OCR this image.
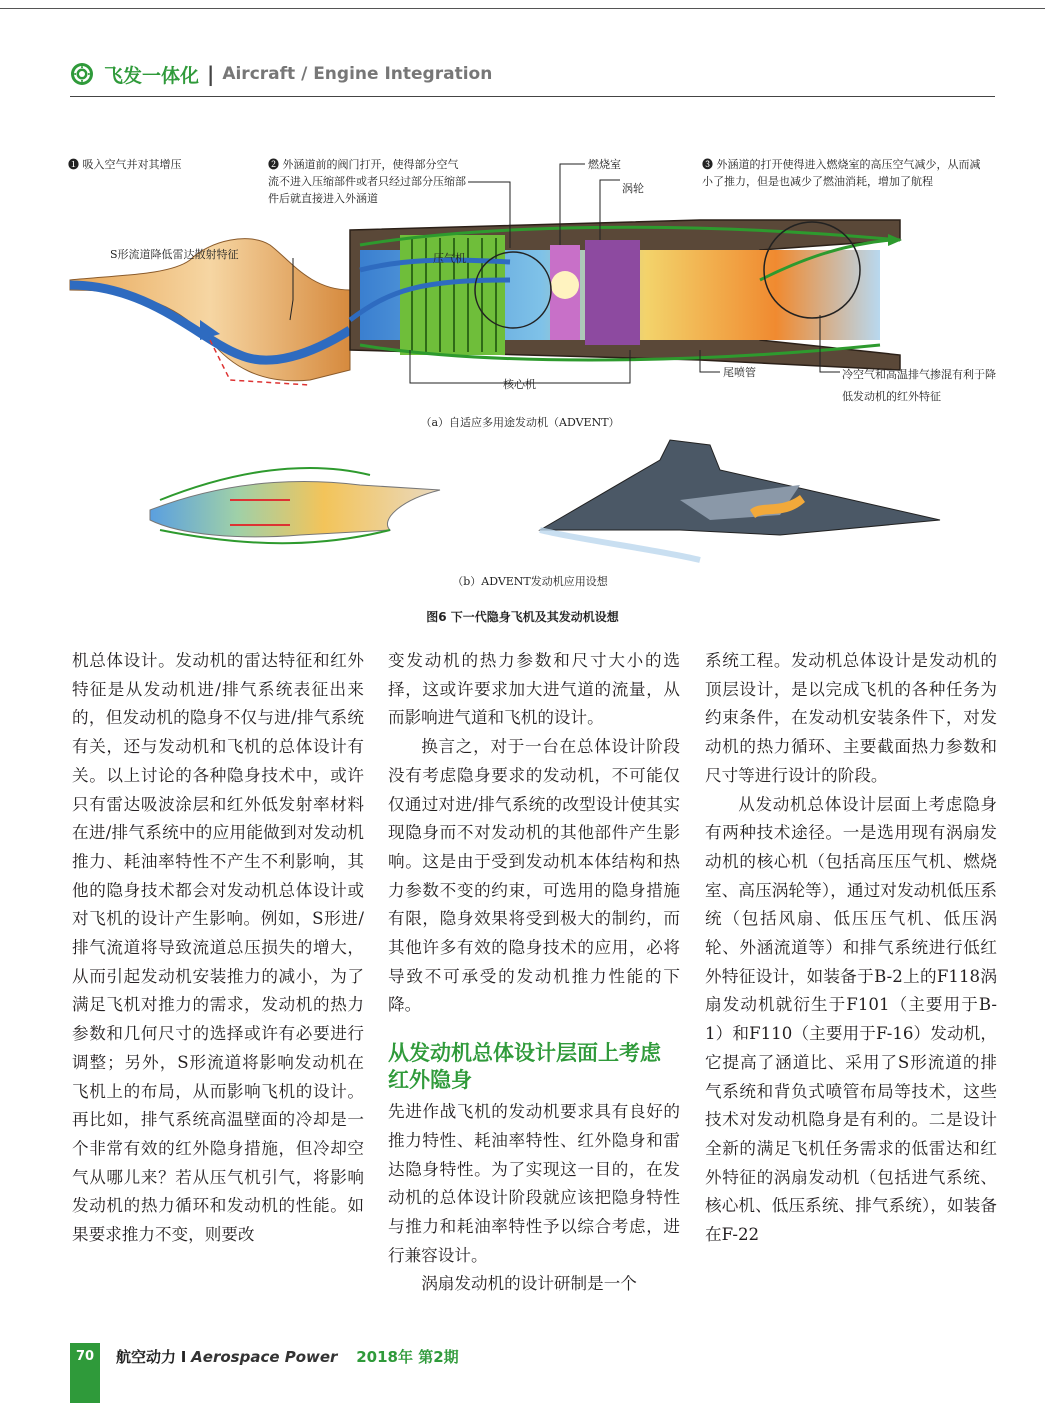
飞发一体化 | Aircraft / Engine Integration
❶ 吸入空气并对其增压	❷ 外涵道前的阀门打开，使得部分空气流不进入压缩部件或者只经过部分压缩部件后就直接进入外涵道
❸ 外涵道的打开使得进入燃烧室的高压空气减少，从而减小了推力，但是也减少了燃油消耗，增加了航程
S形流道降低雷达散射特征
燃烧室
涡轮
压气机
核心机
尾喷管	冷空气和高温排气掺混有利于降低发动机的红外特征
（a）自适应多用途发动机（ADVENT）
（b）ADVENT发动机应用设想
图6 下一代隐身飞机及其发动机设想

机总体设计。发动机的雷达特征和红外特征是从发动机进/排气系统表征出来的，但发动机的隐身不仅与进/排气系统有关，还与发动机和飞机的总体设计有关。以上讨论的各种隐身技术中，或许只有雷达吸波涂层和红外低发射率材料在进/排气系统中的应用能做到对发动机推力、耗油率特性不产生不利影响，其他的隐身技术都会对发动机总体设计或对飞机的设计产生影响。例如，S形进/排气流道将导致流道总压损失的增大，从而引起发动机安装推力的减小，为了满足飞机对推力的需求，发动机的热力参数和几何尺寸的选择或许有必要进行调整；另外，S形流道将影响发动机在飞机上的布局，从而影响飞机的设计。再比如，排气系统高温壁面的冷却是一个非常有效的红外隐身措施，但冷却空气从哪儿来？若从压气机引气，将影响发动机的热力循环和发动机的性能。如果要求推力不变，则要改

变发动机的热力参数和尺寸大小的选择，这或许要求加大进气道的流量，从而影响进气道和飞机的设计。

换言之，对于一台在总体设计阶段没有考虑隐身要求的发动机，不可能仅仅通过对进/排气系统的改型设计使其实现隐身而不对发动机的其他部件产生影响。这是由于受到发动机本体结构和热力参数不变的约束，可选用的隐身措施有限，隐身效果将受到极大的制约，而其他许多有效的隐身技术的应用，必将导致不可承受的发动机推力性能的下降。

从发动机总体设计层面上考虑红外隐身

先进作战飞机的发动机要求具有良好的推力特性、耗油率特性、红外隐身和雷达隐身特性。为了实现这一目的，在发动机的总体设计阶段就应该把隐身特性与推力和耗油率特性予以综合考虑，进行兼容设计。

涡扇发动机的设计研制是一个

系统工程。发动机总体设计是发动机的顶层设计，是以完成飞机的各种任务为约束条件，在发动机安装条件下，对发动机的热力循环、主要截面热力参数和尺寸等进行设计的阶段。

从发动机总体设计层面上考虑隐身有两种技术途径。一是选用现有涡扇发动机的核心机（包括高压压气机、燃烧室、高压涡轮等），通过对发动机低压系统（包括风扇、低压压气机、低压涡轮、外涵流道等）和排气系统进行低红外特征设计，如装备于B-2上的F118涡扇发动机就衍生于F101（主要用于B-1）和F110（主要用于F-16）发动机，它提高了涵道比、采用了S形流道的排气系统和背负式喷管布局等技术，这些技术对发动机隐身是有利的。二是设计全新的满足飞机任务需求的低雷达和红外特征的涡扇发动机（包括进气系统、核心机、低压系统、排气系统），如装备在F-22

70	航空动力 I Aerospace Power 2018年 第2期
